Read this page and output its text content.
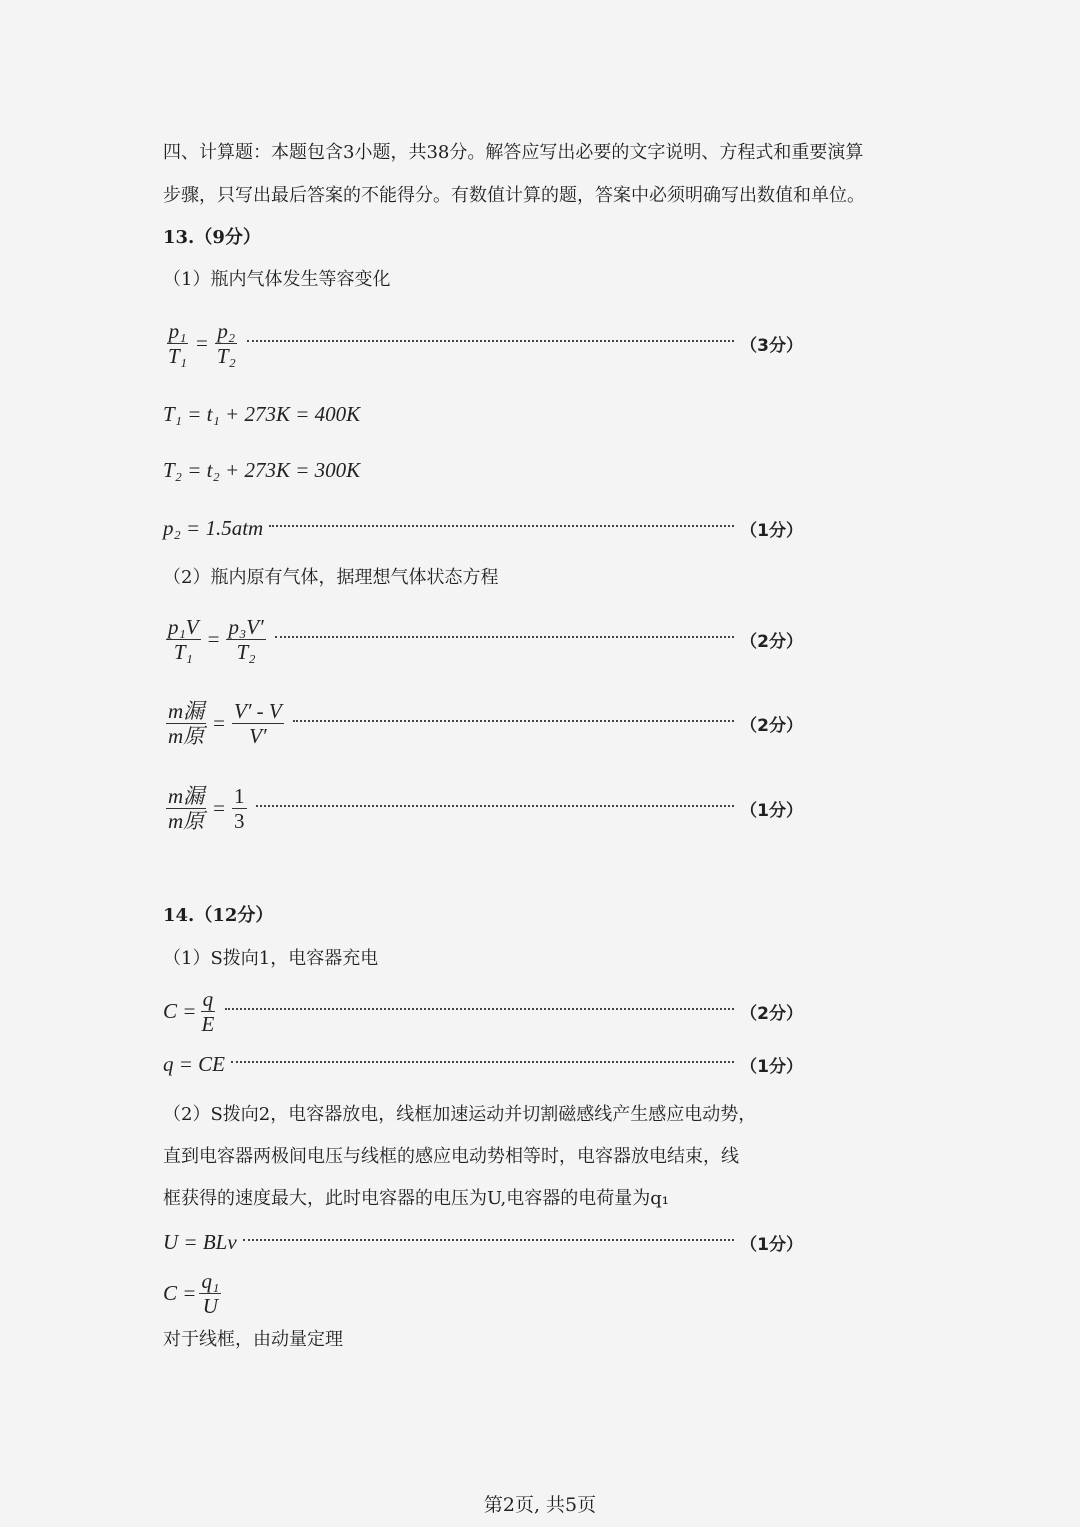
四、计算题：本题包含3小题，共38分。解答应写出必要的文字说明、方程式和重要演算
步骤，只写出最后答案的不能得分。有数值计算的题，答案中必须明确写出数值和单位。
13.（9分）
（1）瓶内气体发生等容变化
$\frac{\text{p₁}}{\text{T₁}} = \frac{\text{p₂}}{\text{T₂}}$	（3分）
T₁ = t₁ + 273K = 400K
T₂ = t₂ + 273K = 300K
p₂ = 1.5atm	（1分）
（2）瓶内原有气体，据理想气体状态方程
$\frac{\text{p₁V}}{\text{T₁}} = \frac{\text{p₃V′}}{\text{T₂}}$	（2分）
$\frac{\text{m漏}}{\text{m原}} = \frac{V' - V}{V'}$	（2分）
$\frac{\text{m漏}}{\text{m原}} = \frac{1}{3}$	（1分）
14.（12分）
（1）S拨向1，电容器充电
$C = \frac{q}{E}$	（2分）
q = CE	（1分）
（2）S拨向2，电容器放电，线框加速运动并切割磁感线产生感应电动势，
直到电容器两极间电压与线框的感应电动势相等时，电容器放电结束，线
框获得的速度最大，此时电容器的电压为U,电容器的电荷量为q₁
U = BLv	（1分）
$C = \frac{\text{q₁}}{U}$
对于线框，由动量定理
第2页, 共5页
